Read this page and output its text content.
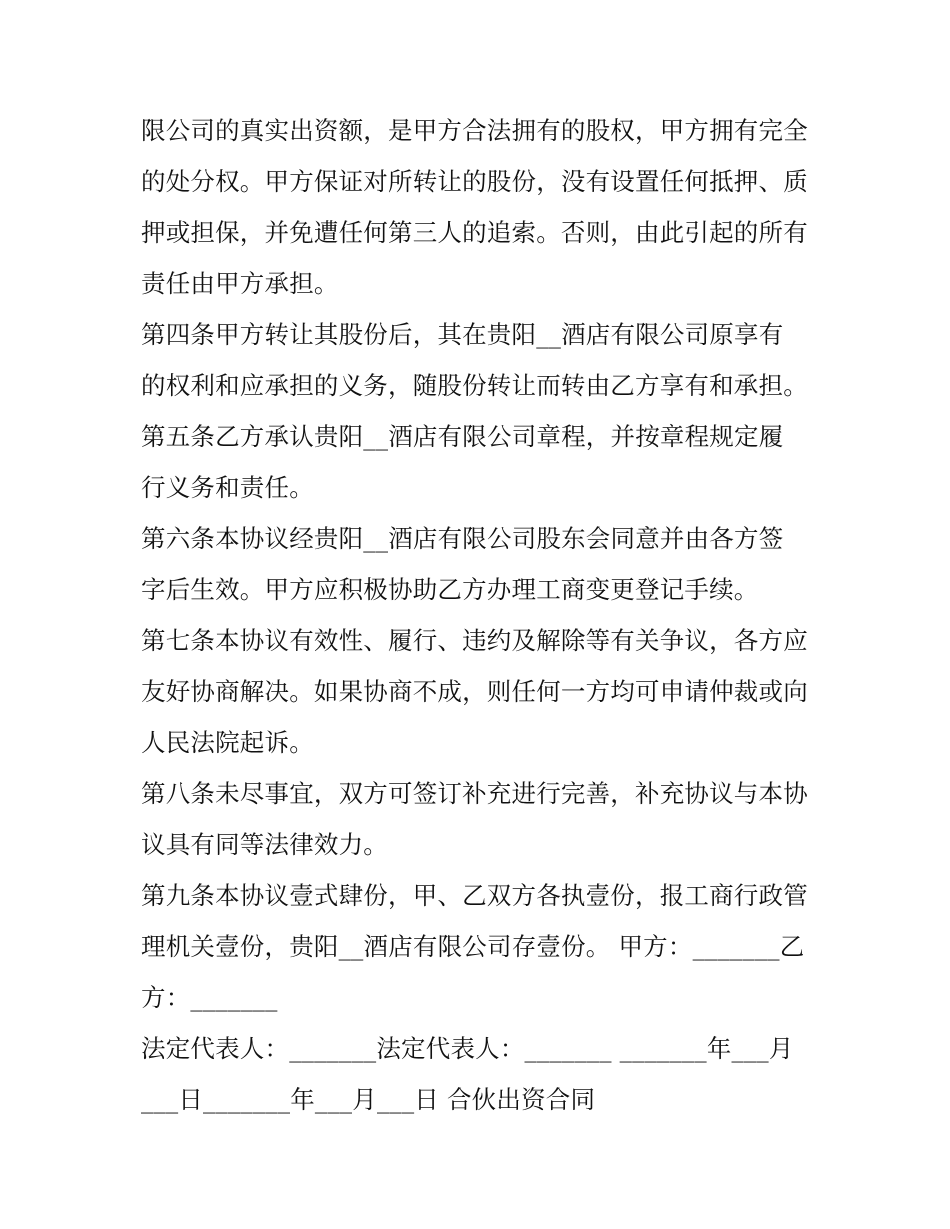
限公司的真实出资额，是甲方合法拥有的股权，甲方拥有完全
的处分权。甲方保证对所转让的股份，没有设置任何抵押、质
押或担保，并免遭任何第三人的追索。否则，由此引起的所有
责任由甲方承担。
第四条甲方转让其股份后，其在贵阳__酒店有限公司原享有
的权利和应承担的义务，随股份转让而转由乙方享有和承担。
第五条乙方承认贵阳__酒店有限公司章程，并按章程规定履
行义务和责任。
第六条本协议经贵阳__酒店有限公司股东会同意并由各方签
字后生效。甲方应积极协助乙方办理工商变更登记手续。
第七条本协议有效性、履行、违约及解除等有关争议，各方应
友好协商解决。如果协商不成，则任何一方均可申请仲裁或向
人民法院起诉。
第八条未尽事宜，双方可签订补充进行完善，补充协议与本协
议具有同等法律效力。
第九条本协议壹式肆份，甲、乙双方各执壹份，报工商行政管
理机关壹份，贵阳__酒店有限公司存壹份。 甲方：_______乙
方：_______
法定代表人：_______法定代表人：_______ _______年___月
___日_______年___月___日 合伙出资合同
